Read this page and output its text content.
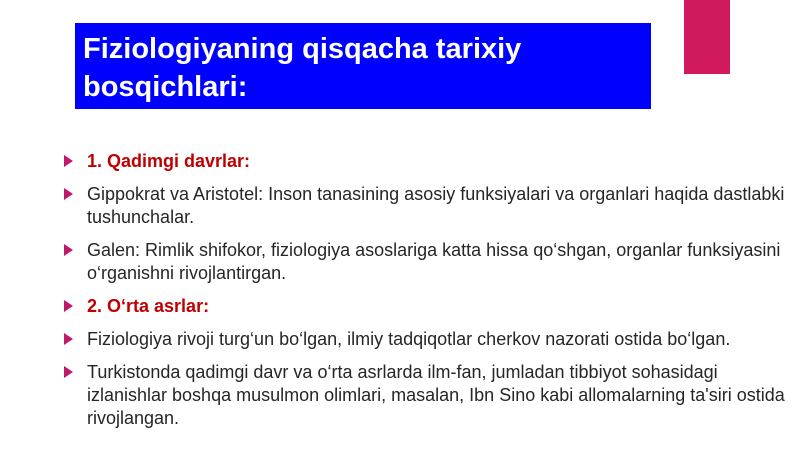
Fiziologiyaning qisqacha tarixiy bosqichlari:
1. Qadimgi davrlar:
Gippokrat va Aristotel: Inson tanasining asosiy funksiyalari va organlari haqida dastlabki tushunchalar.
Galen: Rimlik shifokor, fiziologiya asoslariga katta hissa qo‘shgan, organlar funksiyasini o‘rganishni rivojlantirgan.
2. O‘rta asrlar:
Fiziologiya rivoji turg‘un bo‘lgan, ilmiy tadqiqotlar cherkov nazorati ostida bo‘lgan.
Turkistonda qadimgi davr va o‘rta asrlarda ilm-fan, jumladan tibbiyot sohasidagi izlanishlar boshqa musulmon olimlari, masalan, Ibn Sino kabi allomalarning ta'siri ostida rivojlangan.
